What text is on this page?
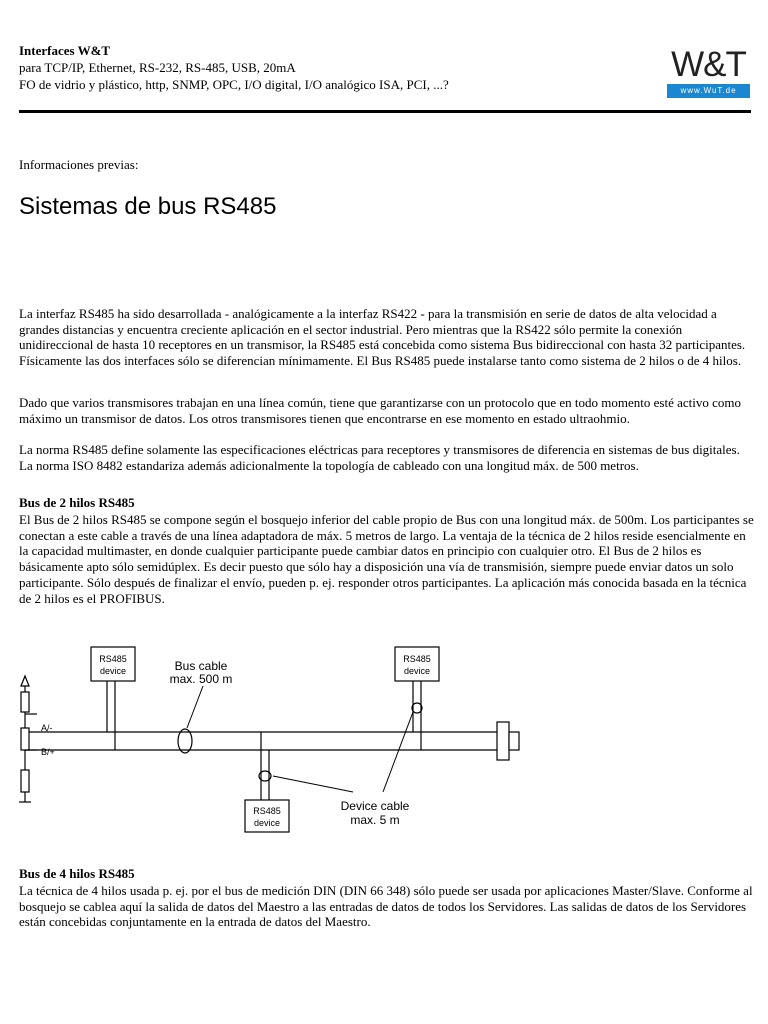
Interfaces W&T
para TCP/IP, Ethernet, RS-232, RS-485, USB, 20mA
FO de vidrio y plástico, http, SNMP, OPC, I/O digital, I/O analógico ISA, PCI, ...?
W&T
www.WuT.de
Informaciones previas:
Sistemas de bus RS485

La interfaz RS485 ha sido desarrollada - analógicamente a la interfaz RS422 - para la transmisión en serie de datos de alta velocidad a grandes distancias y encuentra creciente aplicación en el sector industrial. Pero mientras que la RS422 sólo permite la conexión unidireccional de hasta 10 receptores en un transmisor, la RS485 está concebida como sistema Bus bidireccional con hasta 32 participantes. Físicamente las dos interfaces sólo se diferencian mínimamente. El Bus RS485 puede instalarse tanto como sistema de 2 hilos o de 4 hilos.

Dado que varios transmisores trabajan en una línea común, tiene que garantizarse con un protocolo que en todo momento esté activo como máximo un transmisor de datos. Los otros transmisores tienen que encontrarse en ese momento en estado ultraohmio.

La norma RS485 define solamente las especificaciones eléctricas para receptores y transmisores de diferencia en sistemas de bus digitales. La norma ISO 8482 estandariza además adicionalmente la topología de cableado con una longitud máx. de 500 metros.

Bus de 2 hilos RS485

El Bus de 2 hilos RS485 se compone según el bosquejo inferior del cable propio de Bus con una longitud máx. de 500m. Los participantes se conectan a este cable a través de una línea adaptadora de máx. 5 metros de largo. La ventaja de la técnica de 2 hilos reside esencialmente en la capacidad multimaster, en donde cualquier participante puede cambiar datos en principio con cualquier otro. El Bus de 2 hilos es básicamente apto sólo semidúplex. Es decir puesto que sólo hay a disposición una vía de transmisión, siempre puede enviar datos un solo participante. Sólo después de finalizar el envío, pueden p. ej. responder otros participantes. La aplicación más conocida basada en la técnica de 2 hilos es el PROFIBUS.

A/-
B/+
RS485
device
RS485
device
RS485
device
Bus cable
max. 500 m
Device cable
max. 5 m
Bus de 4 hilos RS485

La técnica de 4 hilos usada p. ej. por el bus de medición DIN (DIN 66 348) sólo puede ser usada por aplicaciones Master/Slave. Conforme al bosquejo se cablea aquí la salida de datos del Maestro a las entradas de datos de todos los Servidores. Las salidas de datos de los Servidores están concebidas conjuntamente en la entrada de datos del Maestro.
